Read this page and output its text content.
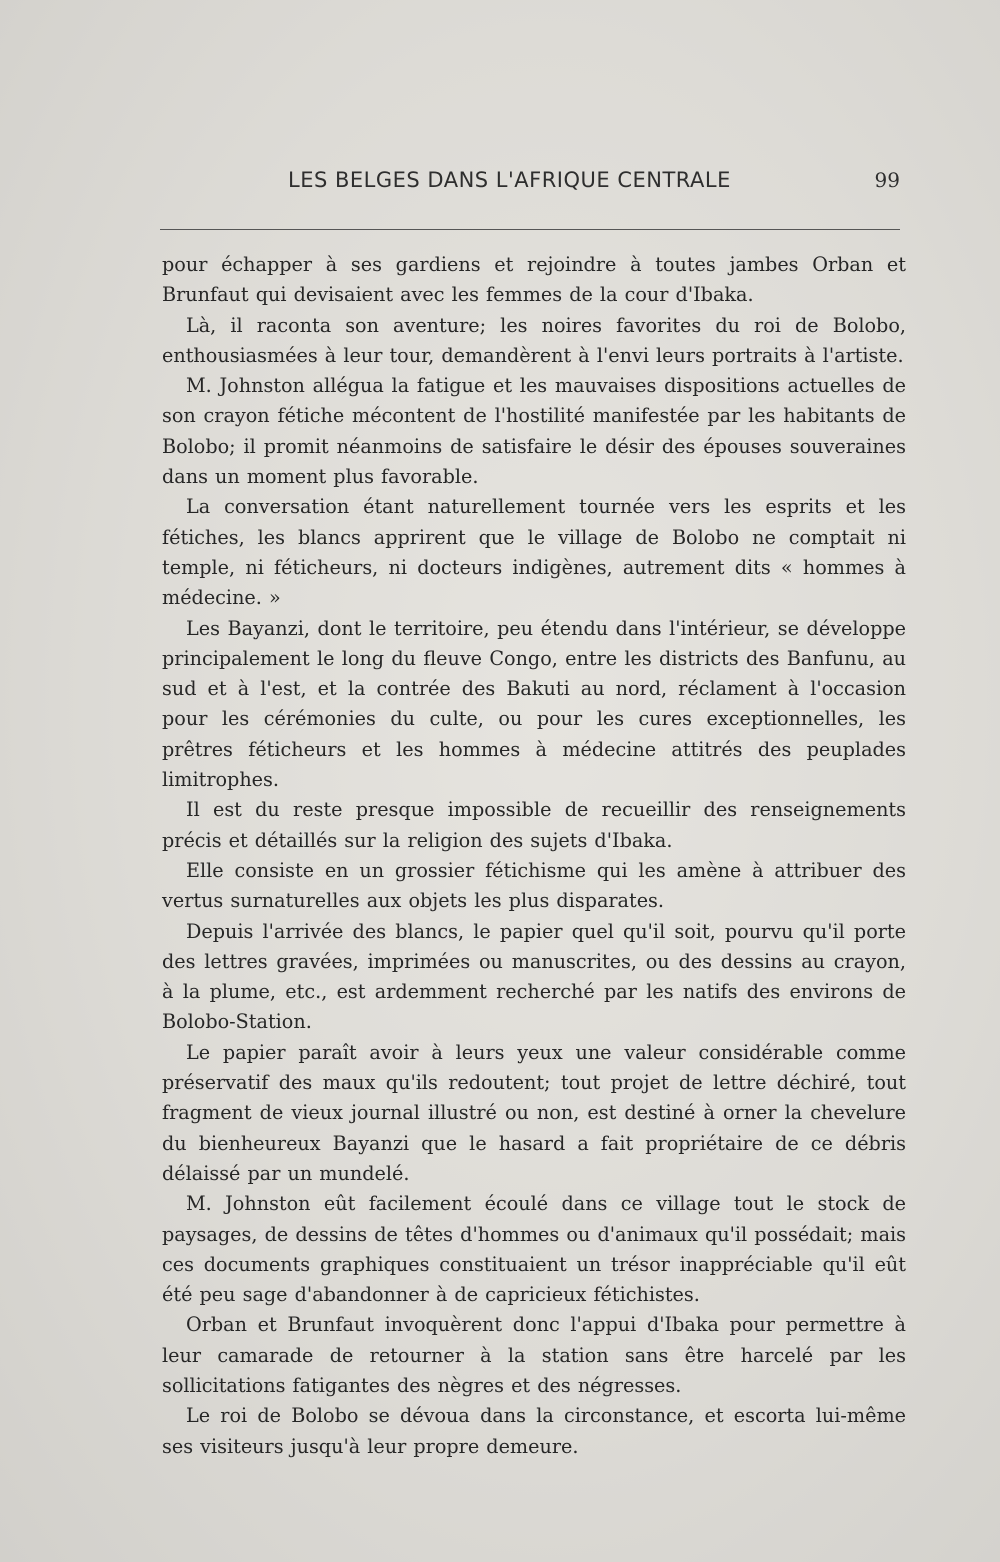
LES BELGES DANS L'AFRIQUE CENTRALE	99

pour échapper à ses gardiens et rejoindre à toutes jambes Orban et Brunfaut qui devisaient avec les femmes de la cour d'Ibaka.

Là, il raconta son aventure; les noires favorites du roi de Bolobo, enthousiasmées à leur tour, demandèrent à l'envi leurs portraits à l'artiste.

M. Johnston allégua la fatigue et les mauvaises dispositions actuelles de son crayon fétiche mécontent de l'hostilité manifestée par les habitants de Bolobo; il promit néanmoins de satisfaire le désir des épouses souveraines dans un moment plus favorable.

La conversation étant naturellement tournée vers les esprits et les fétiches, les blancs apprirent que le village de Bolobo ne comptait ni temple, ni féticheurs, ni docteurs indigènes, autrement dits « hommes à médecine. »

Les Bayanzi, dont le territoire, peu étendu dans l'intérieur, se développe principalement le long du fleuve Congo, entre les districts des Banfunu, au sud et à l'est, et la contrée des Bakuti au nord, réclament à l'occasion pour les cérémonies du culte, ou pour les cures exceptionnelles, les prêtres féticheurs et les hommes à médecine attitrés des peuplades limitrophes.

Il est du reste presque impossible de recueillir des renseignements précis et détaillés sur la religion des sujets d'Ibaka.

Elle consiste en un grossier fétichisme qui les amène à attribuer des vertus surnaturelles aux objets les plus disparates.

Depuis l'arrivée des blancs, le papier quel qu'il soit, pourvu qu'il porte des lettres gravées, imprimées ou manuscrites, ou des dessins au crayon, à la plume, etc., est ardemment recherché par les natifs des environs de Bolobo-Station.

Le papier paraît avoir à leurs yeux une valeur considérable comme préservatif des maux qu'ils redoutent; tout projet de lettre déchiré, tout fragment de vieux journal illustré ou non, est destiné à orner la chevelure du bienheureux Bayanzi que le hasard a fait propriétaire de ce débris délaissé par un mundelé.

M. Johnston eût facilement écoulé dans ce village tout le stock de paysages, de dessins de têtes d'hommes ou d'animaux qu'il possédait; mais ces documents graphiques constituaient un trésor inappréciable qu'il eût été peu sage d'abandonner à de capricieux fétichistes.

Orban et Brunfaut invoquèrent donc l'appui d'Ibaka pour permettre à leur camarade de retourner à la station sans être harcelé par les sollicitations fatigantes des nègres et des négresses.

Le roi de Bolobo se dévoua dans la circonstance, et escorta lui-même ses visiteurs jusqu'à leur propre demeure.
